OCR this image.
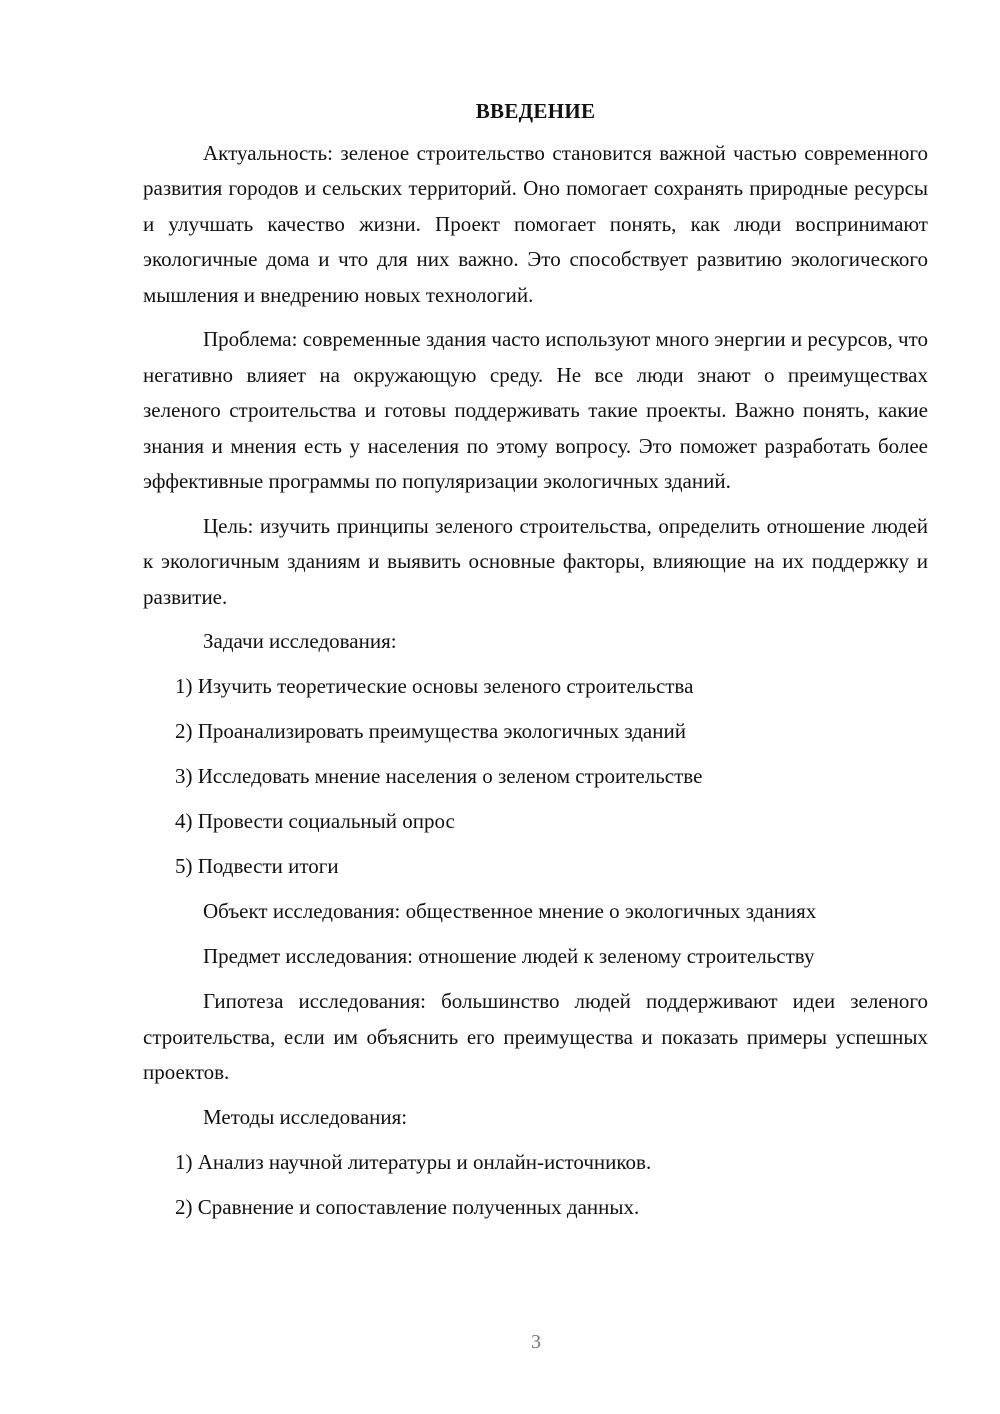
ВВЕДЕНИЕ

Актуальность: зеленое строительство становится важной частью современного развития городов и сельских территорий. Оно помогает сохранять природные ресурсы и улучшать качество жизни. Проект помогает понять, как люди воспринимают экологичные дома и что для них важно. Это способствует развитию экологического мышления и внедрению новых технологий.

Проблема: современные здания часто используют много энергии и ресурсов, что негативно влияет на окружающую среду. Не все люди знают о преимуществах зеленого строительства и готовы поддерживать такие проекты. Важно понять, какие знания и мнения есть у населения по этому вопросу. Это поможет разработать более эффективные программы по популяризации экологичных зданий.

Цель: изучить принципы зеленого строительства, определить отношение людей к экологичным зданиям и выявить основные факторы, влияющие на их поддержку и развитие.

Задачи исследования:
1) Изучить теоретические основы зеленого строительства
2) Проанализировать преимущества экологичных зданий
3) Исследовать мнение населения о зеленом строительстве
4) Провести социальный опрос
5) Подвести итоги
Объект исследования: общественное мнение о экологичных зданиях
Предмет исследования: отношение людей к зеленому строительству

Гипотеза исследования: большинство людей поддерживают идеи зеленого строительства, если им объяснить его преимущества и показать примеры успешных проектов.

Методы исследования:
1) Анализ научной литературы и онлайн-источников.
2) Сравнение и сопоставление полученных данных.
3
